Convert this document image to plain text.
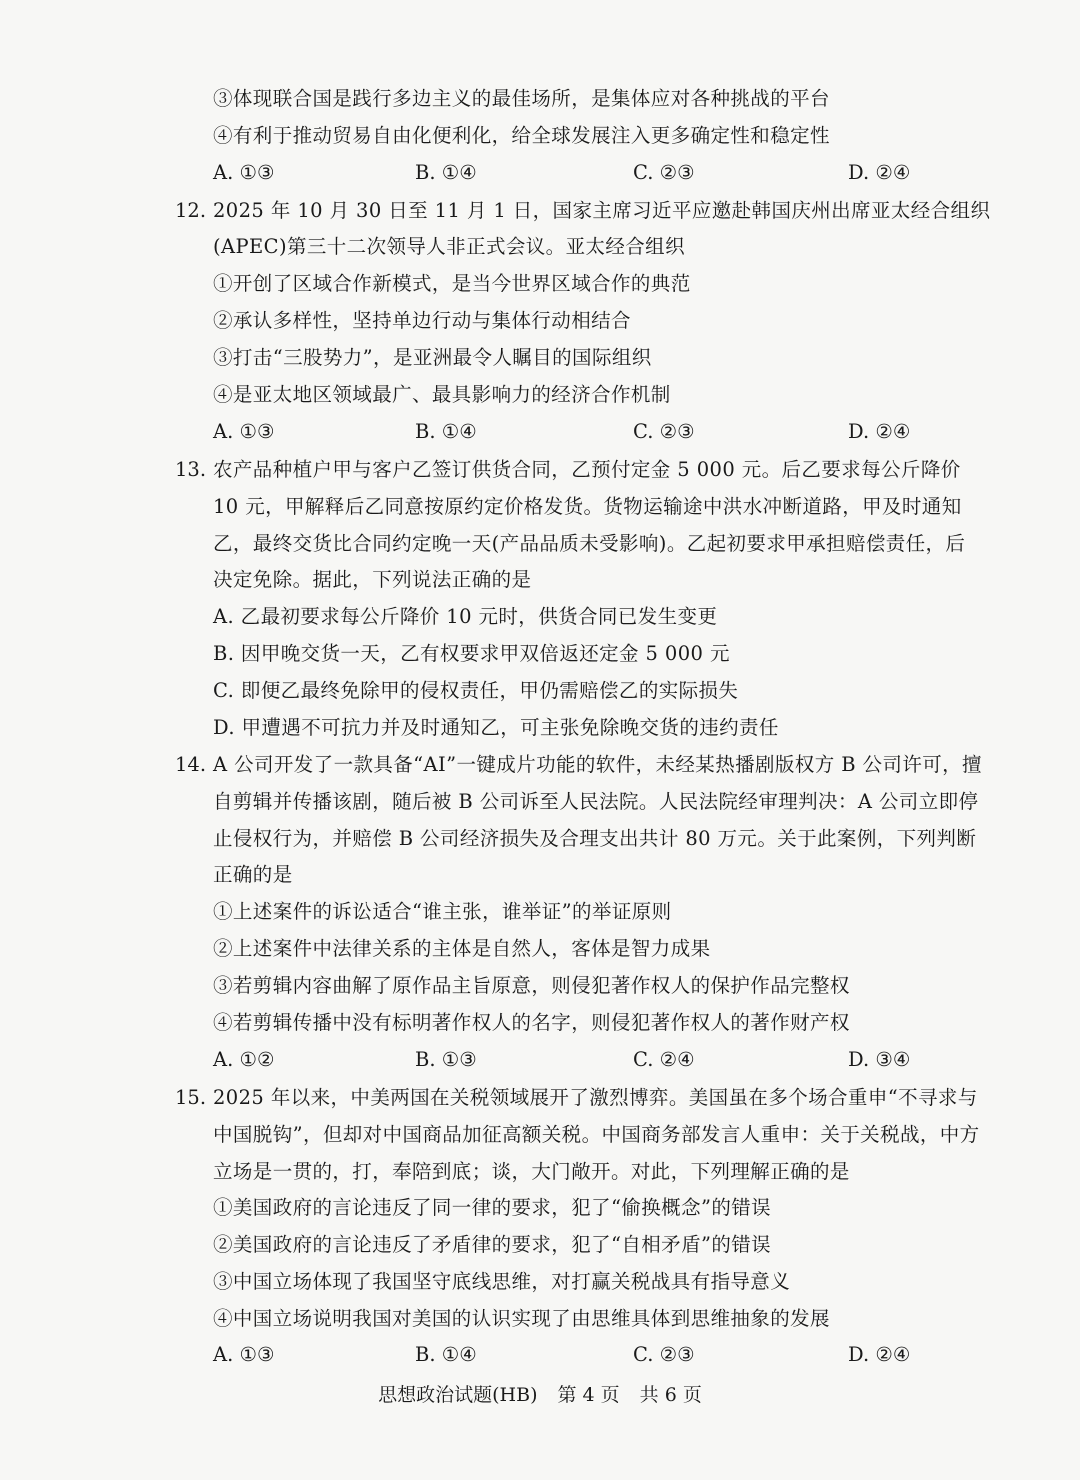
③体现联合国是践行多边主义的最佳场所，是集体应对各种挑战的平台
④有利于推动贸易自由化便利化，给全球发展注入更多确定性和稳定性
A. ①③	B. ①④	C. ②③	D. ②④
12. 2025 年 10 月 30 日至 11 月 1 日，国家主席习近平应邀赴韩国庆州出席亚太经合组织
(APEC)第三十二次领导人非正式会议。亚太经合组织
①开创了区域合作新模式，是当今世界区域合作的典范
②承认多样性，坚持单边行动与集体行动相结合
③打击“三股势力”，是亚洲最令人瞩目的国际组织
④是亚太地区领域最广、最具影响力的经济合作机制
A. ①③	B. ①④	C. ②③	D. ②④
13. 农产品种植户甲与客户乙签订供货合同，乙预付定金 5 000 元。后乙要求每公斤降价
10 元，甲解释后乙同意按原约定价格发货。货物运输途中洪水冲断道路，甲及时通知
乙，最终交货比合同约定晚一天(产品品质未受影响)。乙起初要求甲承担赔偿责任，后
决定免除。据此，下列说法正确的是
A. 乙最初要求每公斤降价 10 元时，供货合同已发生变更
B. 因甲晚交货一天，乙有权要求甲双倍返还定金 5 000 元
C. 即便乙最终免除甲的侵权责任，甲仍需赔偿乙的实际损失
D. 甲遭遇不可抗力并及时通知乙，可主张免除晚交货的违约责任
14. A 公司开发了一款具备“AI”一键成片功能的软件，未经某热播剧版权方 B 公司许可，擅
自剪辑并传播该剧，随后被 B 公司诉至人民法院。人民法院经审理判决：A 公司立即停
止侵权行为，并赔偿 B 公司经济损失及合理支出共计 80 万元。关于此案例，下列判断
正确的是
①上述案件的诉讼适合“谁主张，谁举证”的举证原则
②上述案件中法律关系的主体是自然人，客体是智力成果
③若剪辑内容曲解了原作品主旨原意，则侵犯著作权人的保护作品完整权
④若剪辑传播中没有标明著作权人的名字，则侵犯著作权人的著作财产权
A. ①②	B. ①③	C. ②④	D. ③④
15. 2025 年以来，中美两国在关税领域展开了激烈博弈。美国虽在多个场合重申“不寻求与
中国脱钩”，但却对中国商品加征高额关税。中国商务部发言人重申：关于关税战，中方
立场是一贯的，打，奉陪到底；谈，大门敞开。对此，下列理解正确的是
①美国政府的言论违反了同一律的要求，犯了“偷换概念”的错误
②美国政府的言论违反了矛盾律的要求，犯了“自相矛盾”的错误
③中国立场体现了我国坚守底线思维，对打赢关税战具有指导意义
④中国立场说明我国对美国的认识实现了由思维具体到思维抽象的发展
A. ①③	B. ①④	C. ②③	D. ②④
思想政治试题(HB) 第 4 页 共 6 页
